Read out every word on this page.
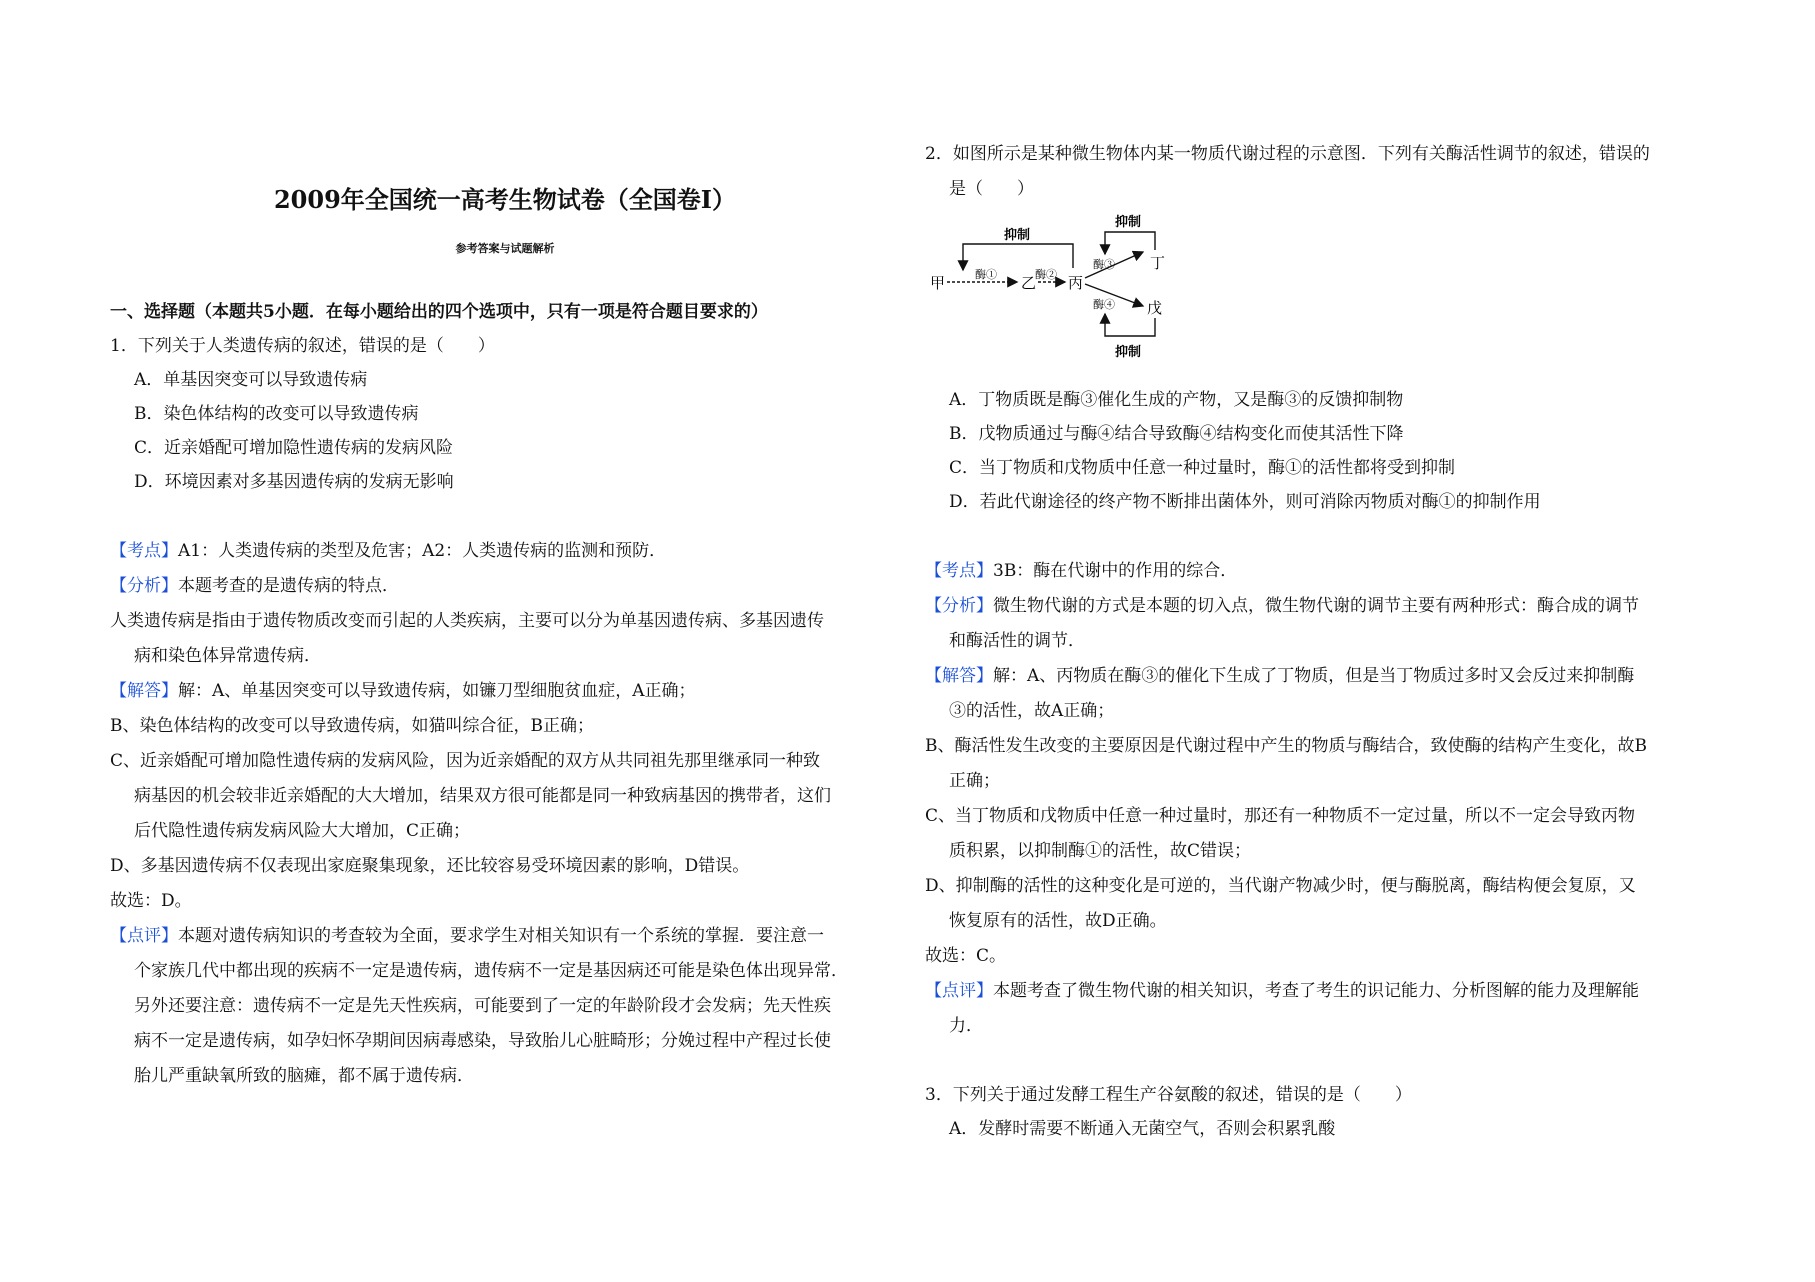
2009年全国统一高考生物试卷（全国卷I）
参考答案与试题解析
一、选择题（本题共5小题．在每小题给出的四个选项中，只有一项是符合题目要求的）
1．下列关于人类遗传病的叙述，错误的是（　　）
A．单基因突变可以导致遗传病
B．染色体结构的改变可以导致遗传病
C．近亲婚配可增加隐性遗传病的发病风险
D．环境因素对多基因遗传病的发病无影响
【考点】A1：人类遗传病的类型及危害；A2：人类遗传病的监测和预防．
【分析】本题考查的是遗传病的特点．
人类遗传病是指由于遗传物质改变而引起的人类疾病，主要可以分为单基因遗传病、多基因遗传
病和染色体异常遗传病．
【解答】解：A、单基因突变可以导致遗传病，如镰刀型细胞贫血症，A正确；
B、染色体结构的改变可以导致遗传病，如猫叫综合征，B正确；
C、近亲婚配可增加隐性遗传病的发病风险，因为近亲婚配的双方从共同祖先那里继承同一种致
病基因的机会较非近亲婚配的大大增加，结果双方很可能都是同一种致病基因的携带者，这们
后代隐性遗传病发病风险大大增加，C正确；
D、多基因遗传病不仅表现出家庭聚集现象，还比较容易受环境因素的影响，D错误。
故选：D。
【点评】本题对遗传病知识的考查较为全面，要求学生对相关知识有一个系统的掌握．要注意一
个家族几代中都出现的疾病不一定是遗传病，遗传病不一定是基因病还可能是染色体出现异常．
另外还要注意：遗传病不一定是先天性疾病，可能要到了一定的年龄阶段才会发病；先天性疾
病不一定是遗传病，如孕妇怀孕期间因病毒感染，导致胎儿心脏畸形；分娩过程中产程过长使
胎儿严重缺氧所致的脑瘫，都不属于遗传病．
2．如图所示是某种微生物体内某一物质代谢过程的示意图．下列有关酶活性调节的叙述，错误的
是（　　）
甲	乙 丙
丁
戊
酶①	酶②
抑制
酶③
酶④
抑制
抑制
A．丁物质既是酶③催化生成的产物，又是酶③的反馈抑制物
B．戊物质通过与酶④结合导致酶④结构变化而使其活性下降
C．当丁物质和戊物质中任意一种过量时，酶①的活性都将受到抑制
D．若此代谢途径的终产物不断排出菌体外，则可消除丙物质对酶①的抑制作用
【考点】3B：酶在代谢中的作用的综合．
【分析】微生物代谢的方式是本题的切入点，微生物代谢的调节主要有两种形式：酶合成的调节
和酶活性的调节．
【解答】解：A、丙物质在酶③的催化下生成了丁物质，但是当丁物质过多时又会反过来抑制酶
③的活性，故A正确；
B、酶活性发生改变的主要原因是代谢过程中产生的物质与酶结合，致使酶的结构产生变化，故B
正确；
C、当丁物质和戊物质中任意一种过量时，那还有一种物质不一定过量，所以不一定会导致丙物
质积累，以抑制酶①的活性，故C错误；
D、抑制酶的活性的这种变化是可逆的，当代谢产物减少时，便与酶脱离，酶结构便会复原，又
恢复原有的活性，故D正确。
故选：C。
【点评】本题考查了微生物代谢的相关知识，考查了考生的识记能力、分析图解的能力及理解能
力．
3．下列关于通过发酵工程生产谷氨酸的叙述，错误的是（　　）
A．发酵时需要不断通入无菌空气，否则会积累乳酸
